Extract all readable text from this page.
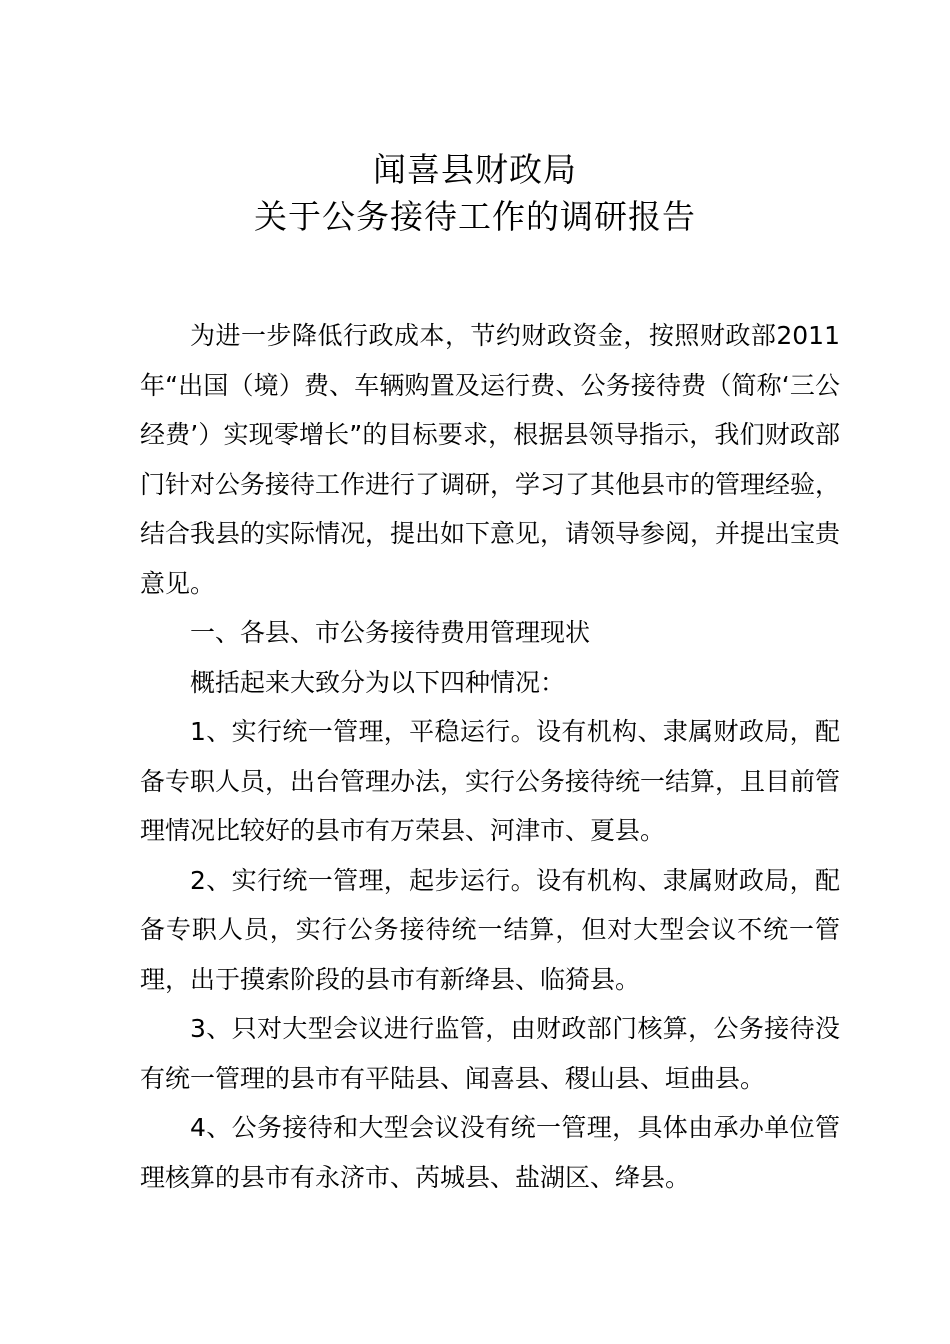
闻喜县财政局
关于公务接待工作的调研报告

为进一步降低行政成本，节约财政资金，按照财政部2011年“出国（境）费、车辆购置及运行费、公务接待费（简称‘三公经费’）实现零增长”的目标要求，根据县领导指示，我们财政部门针对公务接待工作进行了调研，学习了其他县市的管理经验，结合我县的实际情况，提出如下意见，请领导参阅，并提出宝贵意见。

一、各县、市公务接待费用管理现状

概括起来大致分为以下四种情况：

1、实行统一管理，平稳运行。设有机构、隶属财政局，配备专职人员，出台管理办法，实行公务接待统一结算，且目前管理情况比较好的县市有万荣县、河津市、夏县。

2、实行统一管理，起步运行。设有机构、隶属财政局，配备专职人员，实行公务接待统一结算，但对大型会议不统一管理，出于摸索阶段的县市有新绛县、临猗县。

3、只对大型会议进行监管，由财政部门核算，公务接待没有统一管理的县市有平陆县、闻喜县、稷山县、垣曲县。

4、公务接待和大型会议没有统一管理，具体由承办单位管理核算的县市有永济市、芮城县、盐湖区、绛县。
